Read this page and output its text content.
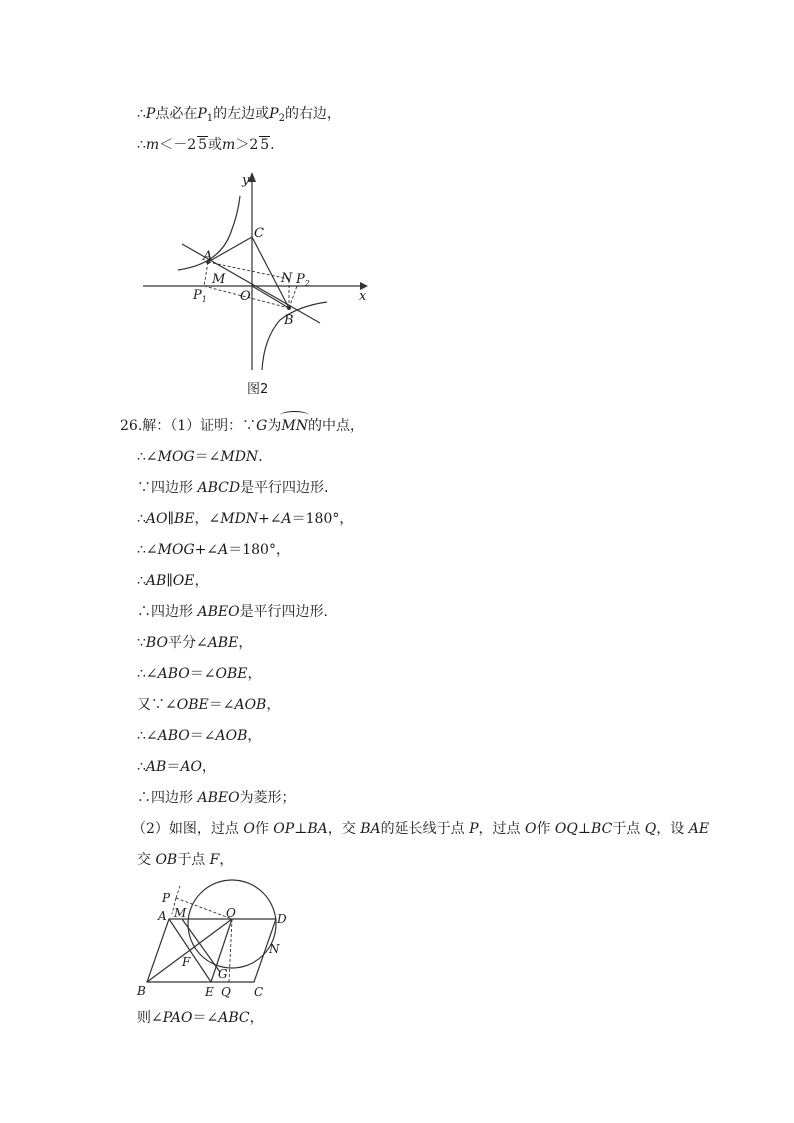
∴P点必在$P_1$的左边或$P_2$的右边，
∴m＜－2 5或m＞2 5.
y
x
A
C
M	N $P_2$
$P_1$	O
B
图2
26.解：（1）证明：∵G为MN的中点，
∴∠MOG＝∠MDN.
∵四边形 ABCD是平行四边形.
∴AO∥BE，∠MDN+∠A＝180°，
∴∠MOG+∠A＝180°，
∴AB∥OE，
∴四边形 ABEO是平行四边形.
∵BO平分∠ABE，
∴∠ABO＝∠OBE，
又∵∠OBE＝∠AOB，
∴∠ABO＝∠AOB，
∴AB＝AO，
∴四边形 ABEO为菱形；
（2）如图，过点 O作 OP⊥BA，交 BA的延长线于点 P，过点 O作 OQ⊥BC于点 Q，设 AE
交 OB于点 F，
P
A M	O	D
N
F
G
B	E Q C
则∠PAO＝∠ABC，
